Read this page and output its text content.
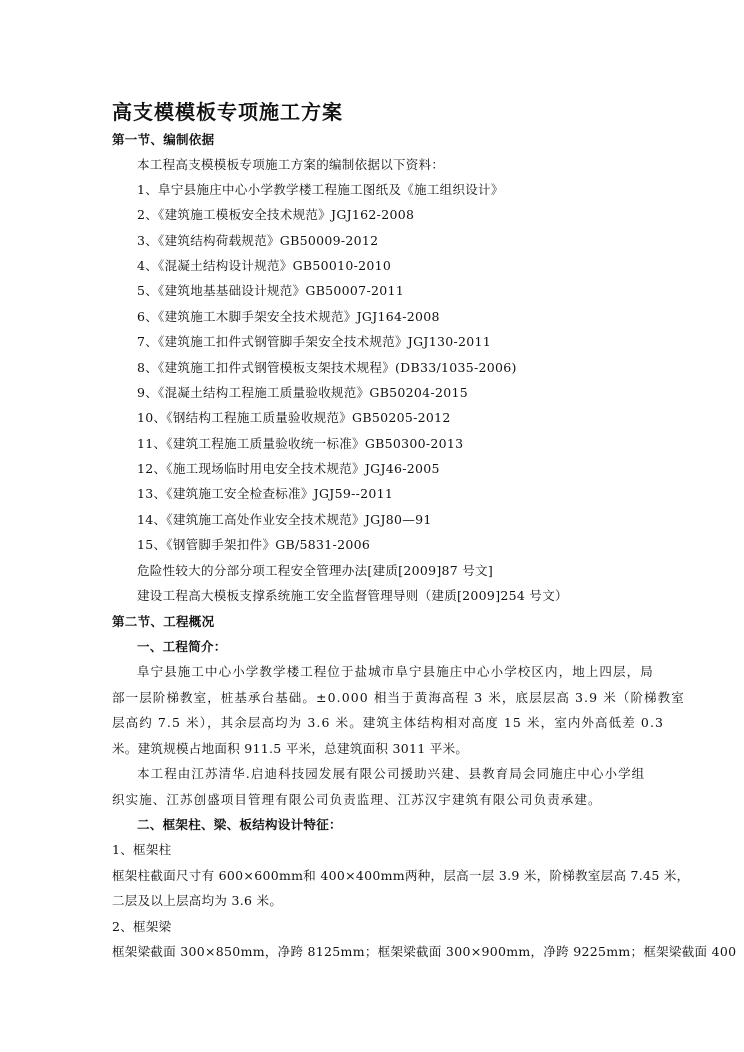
高支模模板专项施工方案

第一节、编制依据

本工程高支模模板专项施工方案的编制依据以下资料：

1、阜宁县施庄中心小学教学楼工程施工图纸及《施工组织设计》

2、《建筑施工模板安全技术规范》JGJ162-2008

3、《建筑结构荷载规范》GB50009-2012

4、《混凝土结构设计规范》GB50010-2010

5、《建筑地基基础设计规范》GB50007-2011

6、《建筑施工木脚手架安全技术规范》JGJ164-2008

7、《建筑施工扣件式钢管脚手架安全技术规范》JGJ130-2011

8、《建筑施工扣件式钢管模板支架技术规程》(DB33/1035-2006)

9、《混凝土结构工程施工质量验收规范》GB50204-2015

10、《钢结构工程施工质量验收规范》GB50205-2012

11、《建筑工程施工质量验收统一标准》GB50300-2013

12、《施工现场临时用电安全技术规范》JGJ46-2005

13、《建筑施工安全检查标准》JGJ59--2011

14、《建筑施工高处作业安全技术规范》JGJ80—91

15、《钢管脚手架扣件》GB/5831-2006

危险性较大的分部分项工程安全管理办法[建质[2009]87 号文]

建设工程高大模板支撑系统施工安全监督管理导则（建质[2009]254 号文）

第二节、工程概况

一、工程简介：

阜宁县施工中心小学教学楼工程位于盐城市阜宁县施庄中心小学校区内，地上四层，局

部一层阶梯教室，桩基承台基础。±0.000 相当于黄海高程 3 米，底层层高 3.9 米（阶梯教室

层高约 7.5 米），其余层高均为 3.6 米。建筑主体结构相对高度 15 米，室内外高低差 0.3

米。建筑规模占地面积 911.5 平米，总建筑面积 3011 平米。

本工程由江苏清华.启迪科技园发展有限公司援助兴建、县教育局会同施庄中心小学组

织实施、江苏创盛项目管理有限公司负责监理、江苏汉宇建筑有限公司负责承建。

二、框架柱、梁、板结构设计特征：

1、框架柱

框架柱截面尺寸有 600×600mm和 400×400mm两种，层高一层 3.9 米，阶梯教室层高 7.45 米，

二层及以上层高均为 3.6 米。

2、框架梁

框架梁截面 300×850mm，净跨 8125mm；框架梁截面 300×900mm，净跨 9225mm；框架梁截面 400
